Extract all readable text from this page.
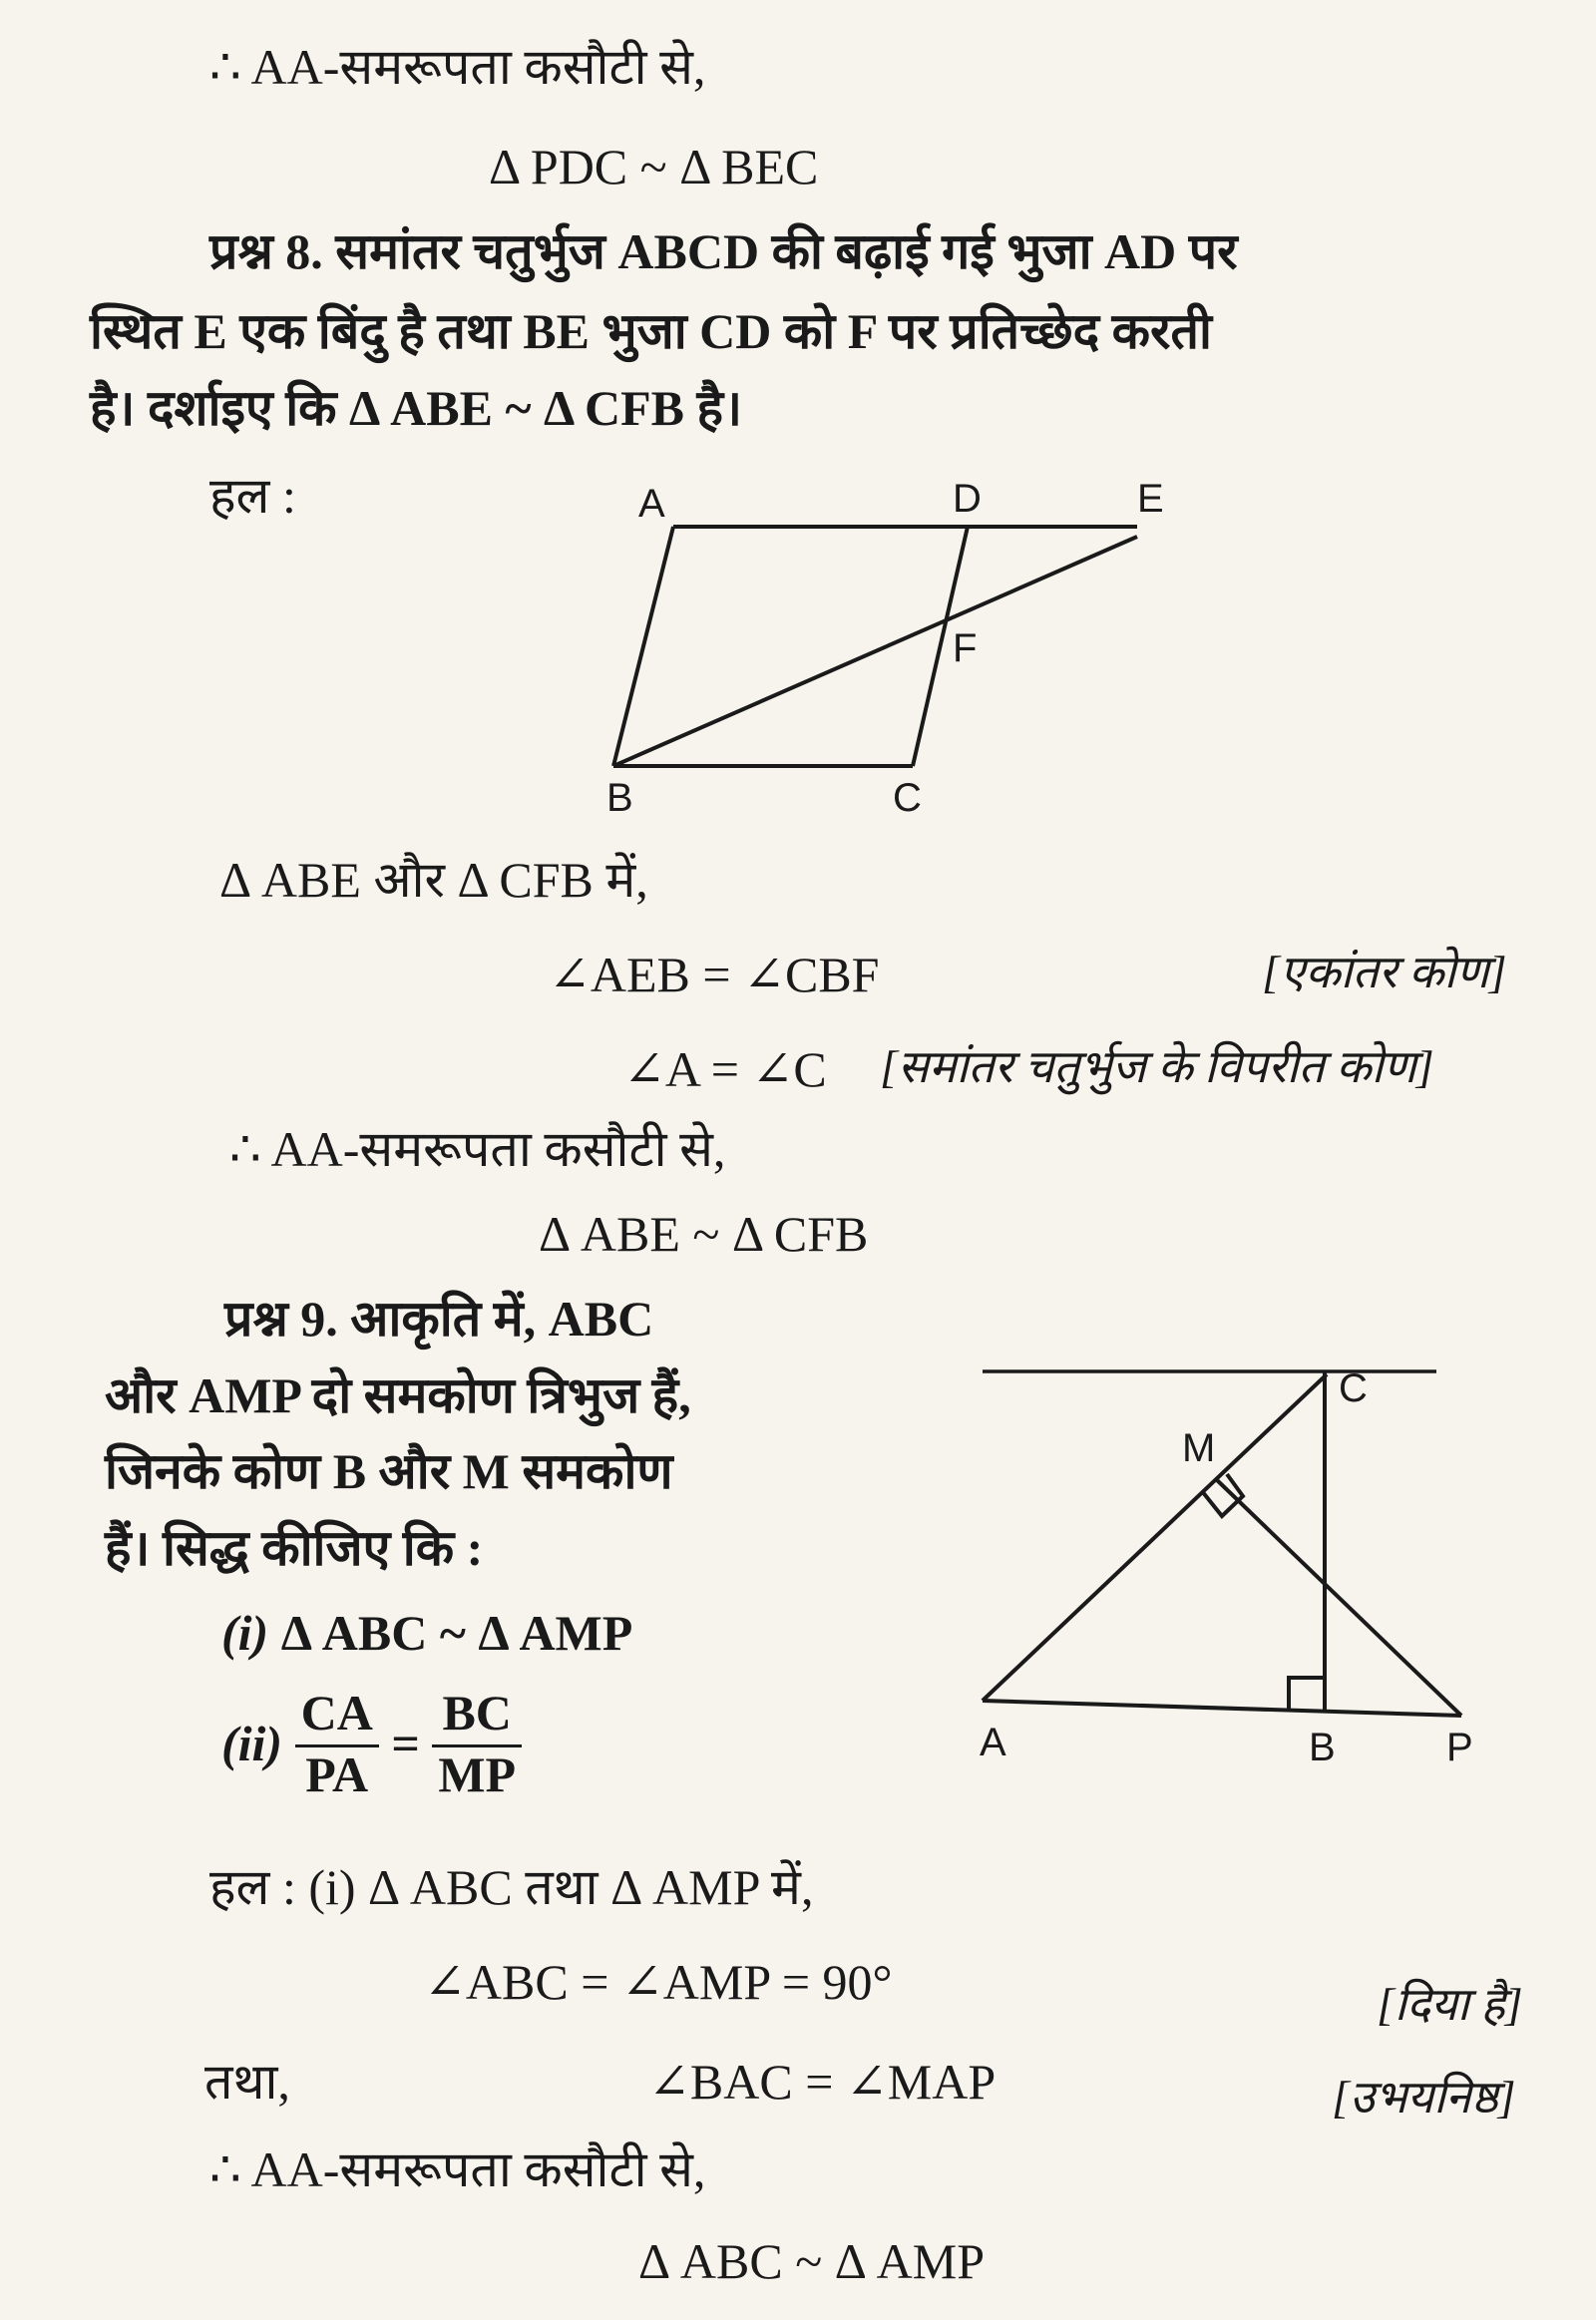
∴ AA-समरूपता कसौटी से,
Δ PDC ~ Δ BEC
प्रश्न 8. समांतर चतुर्भुज ABCD की बढ़ाई गई भुजा AD पर
स्थित E एक बिंदु है तथा BE भुजा CD को F पर प्रतिच्छेद करती
है। दर्शाइए कि Δ ABE ~ Δ CFB है।
हल :	A	D	E
F
B	C
Δ ABE और Δ CFB में,
∠AEB = ∠CBF	[एकांतर कोण]
∠A = ∠C [समांतर चतुर्भुज के विपरीत कोण]
∴ AA-समरूपता कसौटी से,
Δ ABE ~ Δ CFB
प्रश्न 9. आकृति में, ABC
और AMP दो समकोण त्रिभुज हैं,
जिनके कोण B और M समकोण
हैं। सिद्ध कीजिए कि :
(i) Δ ABC ~ Δ AMP
$(ii) \frac{CA}{PA} = \frac{BC}{MP}$
C
M
A	B	P
हल : (i) Δ ABC तथा Δ AMP में,
∠ABC = ∠AMP = 90°	[दिया है]
तथा,	∠BAC = ∠MAP	[उभयनिष्ठ]
∴ AA-समरूपता कसौटी से,
Δ ABC ~ Δ AMP
